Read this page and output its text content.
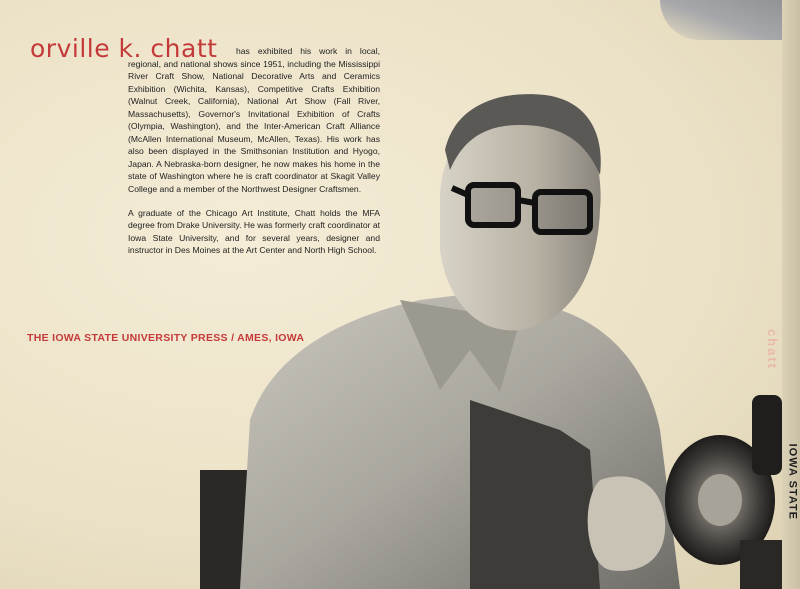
IOWA STATE
chatt
orville k. chatt	has exhibited his work in local, regional, and national shows since 1951, including the Mississippi River Craft Show, National Decorative Arts and Ceramics Exhibition (Wichita, Kansas), Competitive Crafts Exhibition (Walnut Creek, California), National Art Show (Fall River, Massachusetts), Governor's Invitational Exhibition of Crafts (Olympia, Washington), and the Inter-American Craft Alliance (McAllen International Museum, McAllen, Texas). His work has also been displayed in the Smithsonian Institution and Hyogo, Japan. A Nebraska-born designer, he now makes his home in the state of Washington where he is craft coordinator at Skagit Valley College and a member of the Northwest Designer Craftsmen.

A graduate of the Chicago Art Institute, Chatt holds the MFA degree from Drake University. He was formerly craft coordinator at Iowa State University, and for several years, designer and instructor in Des Moines at the Art Center and North High School.

THE IOWA STATE UNIVERSITY PRESS / AMES, IOWA
